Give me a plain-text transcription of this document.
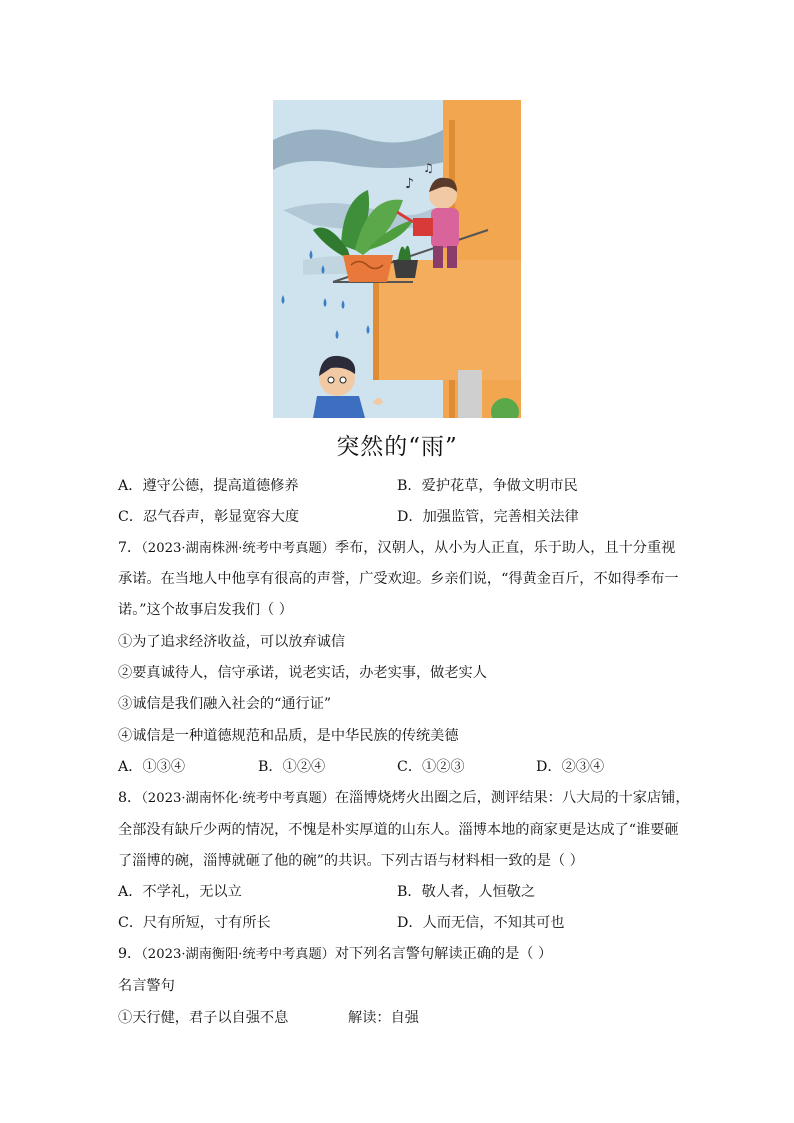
♪
♫
突然的“雨”
A．遵守公德，提高道德修养	B．爱护花草，争做文明市民
C．忍气吞声，彰显宽容大度	D．加强监管，完善相关法律
7．（2023·湖南株洲·统考中考真题）季布，汉朝人，从小为人正直，乐于助人，且十分重视
承诺。在当地人中他享有很高的声誉，广受欢迎。乡亲们说，“得黄金百斤，不如得季布一
诺。”这个故事启发我们（ ）
①为了追求经济收益，可以放弃诚信
②要真诚待人，信守承诺，说老实话，办老实事，做老实人
③诚信是我们融入社会的“通行证”
④诚信是一种道德规范和品质，是中华民族的传统美德
A．①③④	B．①②④	C．①②③	D．②③④
8．（2023·湖南怀化·统考中考真题）在淄博烧烤火出圈之后，测评结果：八大局的十家店铺，
全部没有缺斤少两的情况，不愧是朴实厚道的山东人。淄博本地的商家更是达成了“谁要砸
了淄博的碗，淄博就砸了他的碗”的共识。下列古语与材料相一致的是（ ）
A．不学礼，无以立	B．敬人者，人恒敬之
C．尺有所短，寸有所长	D．人而无信，不知其可也
9．（2023·湖南衡阳·统考中考真题）对下列名言警句解读正确的是（ ）
名言警句
①天行健，君子以自强不息	解读：自强
